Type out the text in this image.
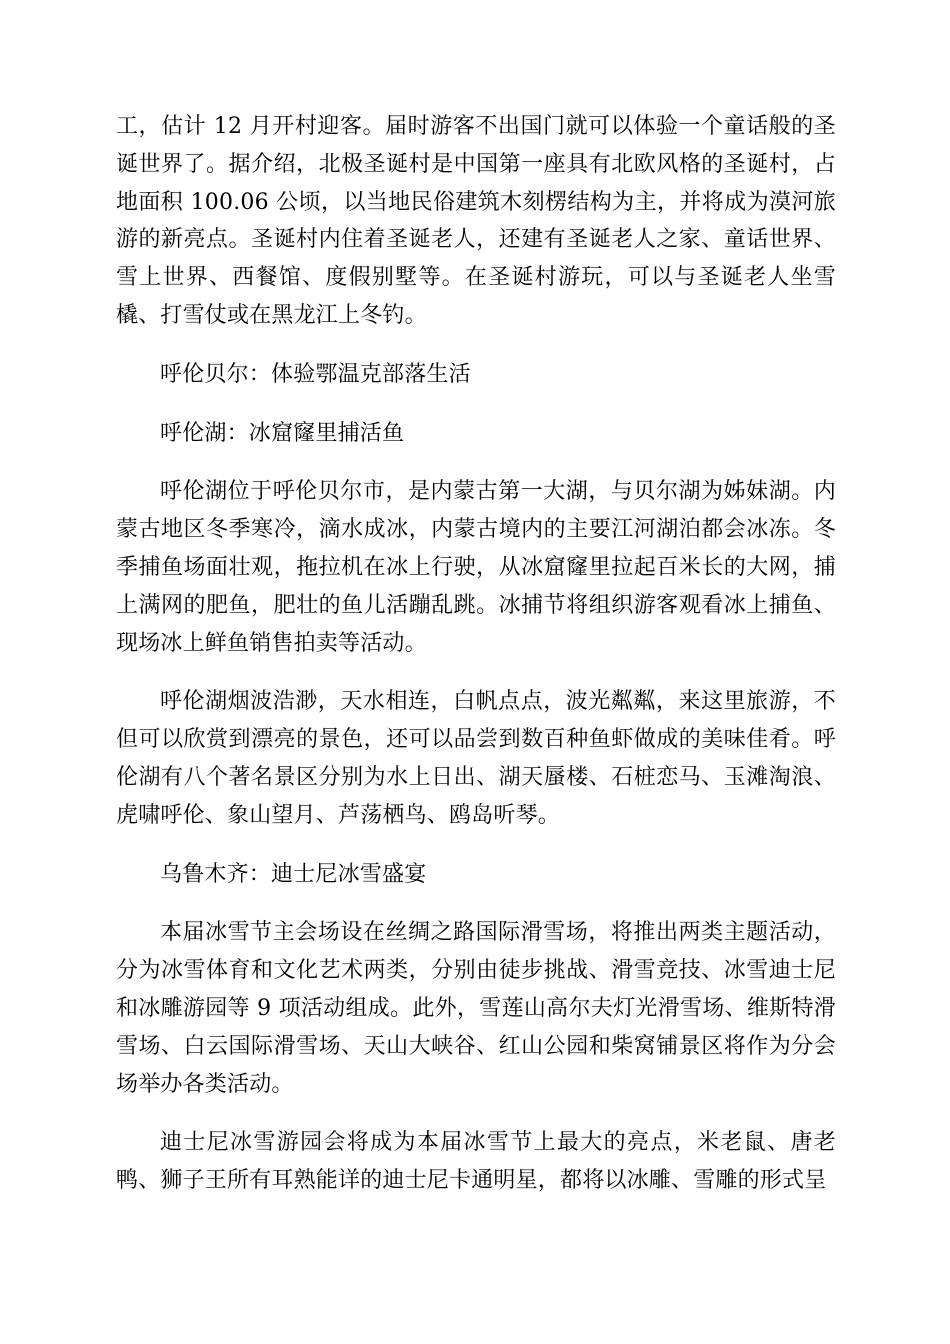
工，估计 12 月开村迎客。届时游客不出国门就可以体验一个童话般的圣诞世界了。据介绍，北极圣诞村是中国第一座具有北欧风格的圣诞村，占地面积 100.06 公顷，以当地民俗建筑木刻楞结构为主，并将成为漠河旅游的新亮点。圣诞村内住着圣诞老人，还建有圣诞老人之家、童话世界、雪上世界、西餐馆、度假别墅等。在圣诞村游玩，可以与圣诞老人坐雪橇、打雪仗或在黑龙江上冬钓。

呼伦贝尔：体验鄂温克部落生活

呼伦湖：冰窟窿里捕活鱼

呼伦湖位于呼伦贝尔市，是内蒙古第一大湖，与贝尔湖为姊妹湖。内蒙古地区冬季寒冷，滴水成冰，内蒙古境内的主要江河湖泊都会冰冻。冬季捕鱼场面壮观，拖拉机在冰上行驶，从冰窟窿里拉起百米长的大网，捕上满网的肥鱼，肥壮的鱼儿活蹦乱跳。冰捕节将组织游客观看冰上捕鱼、现场冰上鲜鱼销售拍卖等活动。

呼伦湖烟波浩渺，天水相连，白帆点点，波光粼粼，来这里旅游，不但可以欣赏到漂亮的景色，还可以品尝到数百种鱼虾做成的美味佳肴。呼伦湖有八个著名景区分别为水上日出、湖天蜃楼、石桩恋马、玉滩淘浪、虎啸呼伦、象山望月、芦荡栖鸟、鸥岛听琴。

乌鲁木齐：迪士尼冰雪盛宴

本届冰雪节主会场设在丝绸之路国际滑雪场，将推出两类主题活动，分为冰雪体育和文化艺术两类，分别由徒步挑战、滑雪竞技、冰雪迪士尼和冰雕游园等 9 项活动组成。此外，雪莲山高尔夫灯光滑雪场、维斯特滑雪场、白云国际滑雪场、天山大峡谷、红山公园和柴窝铺景区将作为分会场举办各类活动。

迪士尼冰雪游园会将成为本届冰雪节上最大的亮点，米老鼠、唐老鸭、狮子王所有耳熟能详的迪士尼卡通明星，都将以冰雕、雪雕的形式呈
